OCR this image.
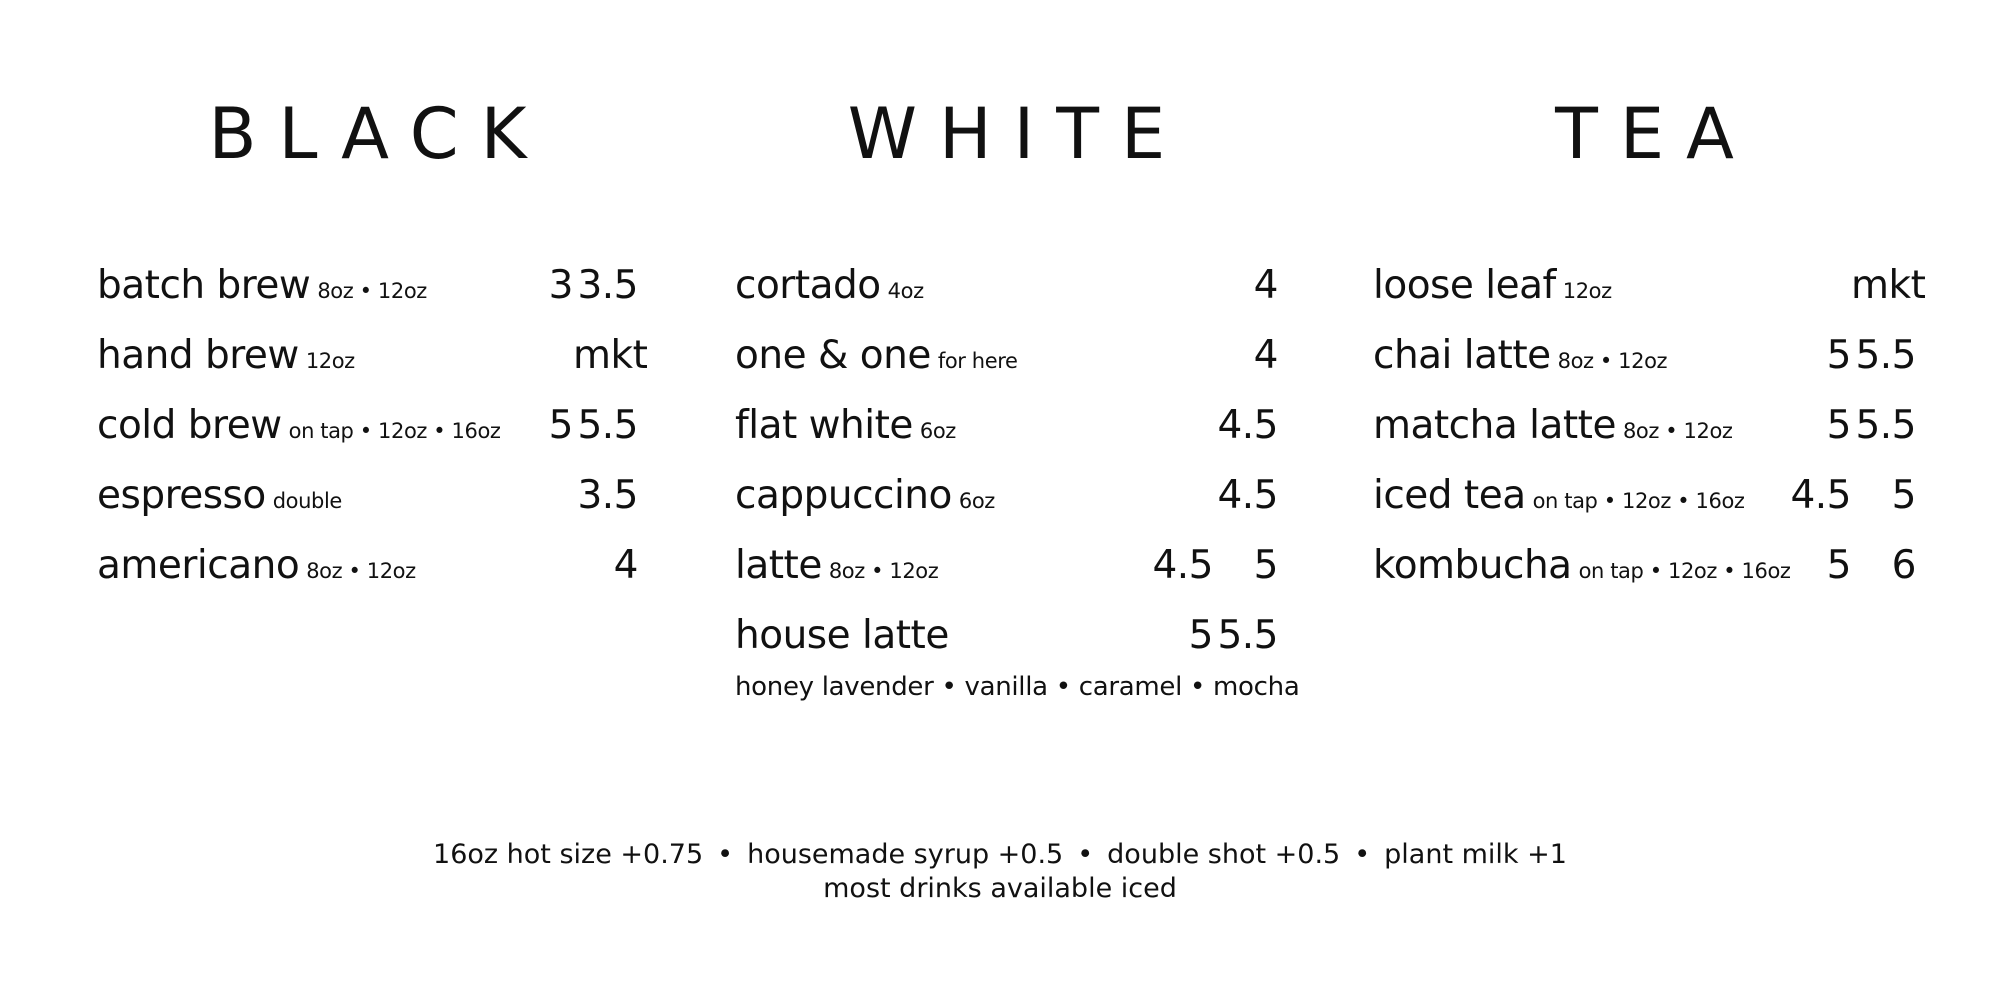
BLACK
batch brew 8oz • 12oz	3 3.5
hand brew 12oz	mkt
cold brew on tap • 12oz • 16oz 5 5.5
espresso double	3.5
americano 8oz • 12oz	4
WHITE
cortado 4oz	4
one & one for here	4
flat white 6oz	4.5
cappuccino 6oz	4.5
latte 8oz • 12oz	4.5	5
house latte	5 5.5
honey lavender • vanilla • caramel • mocha
TEA
loose leaf 12oz	mkt
chai latte 8oz • 12oz	5 5.5
matcha latte 8oz • 12oz 5 5.5
iced tea on tap • 12oz • 16oz 4.5	5
kombucha on tap • 12oz • 16oz 5	6
16oz hot size +0.75 • housemade syrup +0.5 • double shot +0.5 • plant milk +1
most drinks available iced
